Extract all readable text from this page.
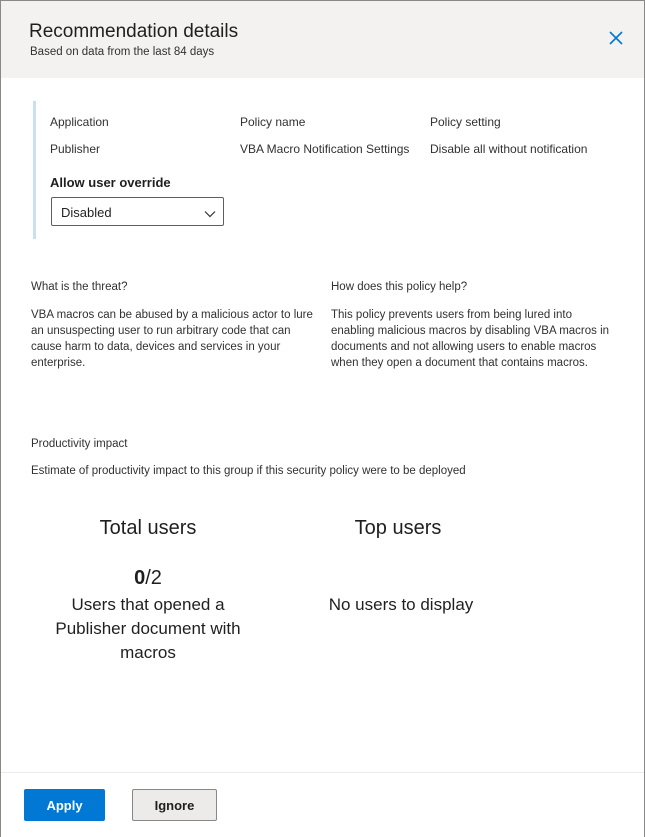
Recommendation details
Based on data from the last 84 days
Application
Publisher
Policy name
VBA Macro Notification Settings
Policy setting
Disable all without notification
Allow user override
Disabled
What is the threat?
VBA macros can be abused by a malicious actor to lure an unsuspecting user to run arbitrary code that can cause harm to data, devices and services in your enterprise.
How does this policy help?
This policy prevents users from being lured into enabling malicious macros by disabling VBA macros in documents and not allowing users to enable macros when they open a document that contains macros.
Productivity impact
Estimate of productivity impact to this group if this security policy were to be deployed
Total users
0/2
Users that opened a Publisher document with macros
Top users
No users to display
Apply	Ignore
